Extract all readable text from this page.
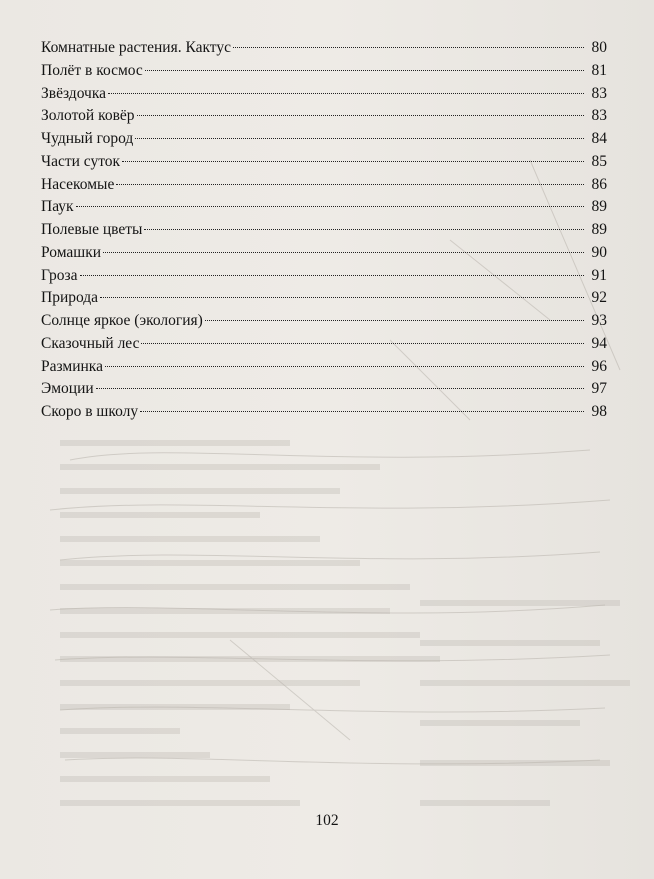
Комнатные растения. Кактус	80
Полёт в космос	81
Звёздочка	83
Золотой ковёр	83
Чудный город	84
Части суток	85
Насекомые	86
Паук	89
Полевые цветы	89
Ромашки	90
Гроза	91
Природа	92
Солнце яркое (экология)	93
Сказочный лес	94
Разминка	96
Эмоции	97
Скоро в школу	98
102
